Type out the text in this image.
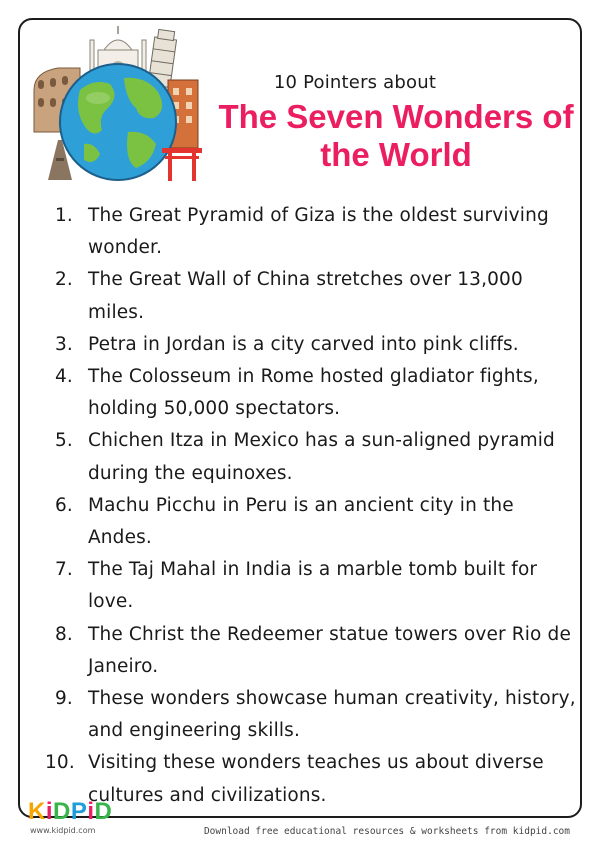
10 Pointers about
The Seven Wonders of
the World
1. The Great Pyramid of Giza is the oldest surviving
wonder.
2. The Great Wall of China stretches over 13,000
miles.
3. Petra in Jordan is a city carved into pink cliffs.
4. The Colosseum in Rome hosted gladiator fights,
holding 50,000 spectators.
5. Chichen Itza in Mexico has a sun-aligned pyramid
during the equinoxes.
6. Machu Picchu in Peru is an ancient city in the
Andes.
7. The Taj Mahal in India is a marble tomb built for
love.
8. The Christ the Redeemer statue towers over Rio de
Janeiro.
9. These wonders showcase human creativity, history,
and engineering skills.
10. Visiting these wonders teaches us about diverse
cultures and civilizations.
KiDPiD
www.kidpid.com	Download free educational resources & worksheets from kidpid.com
